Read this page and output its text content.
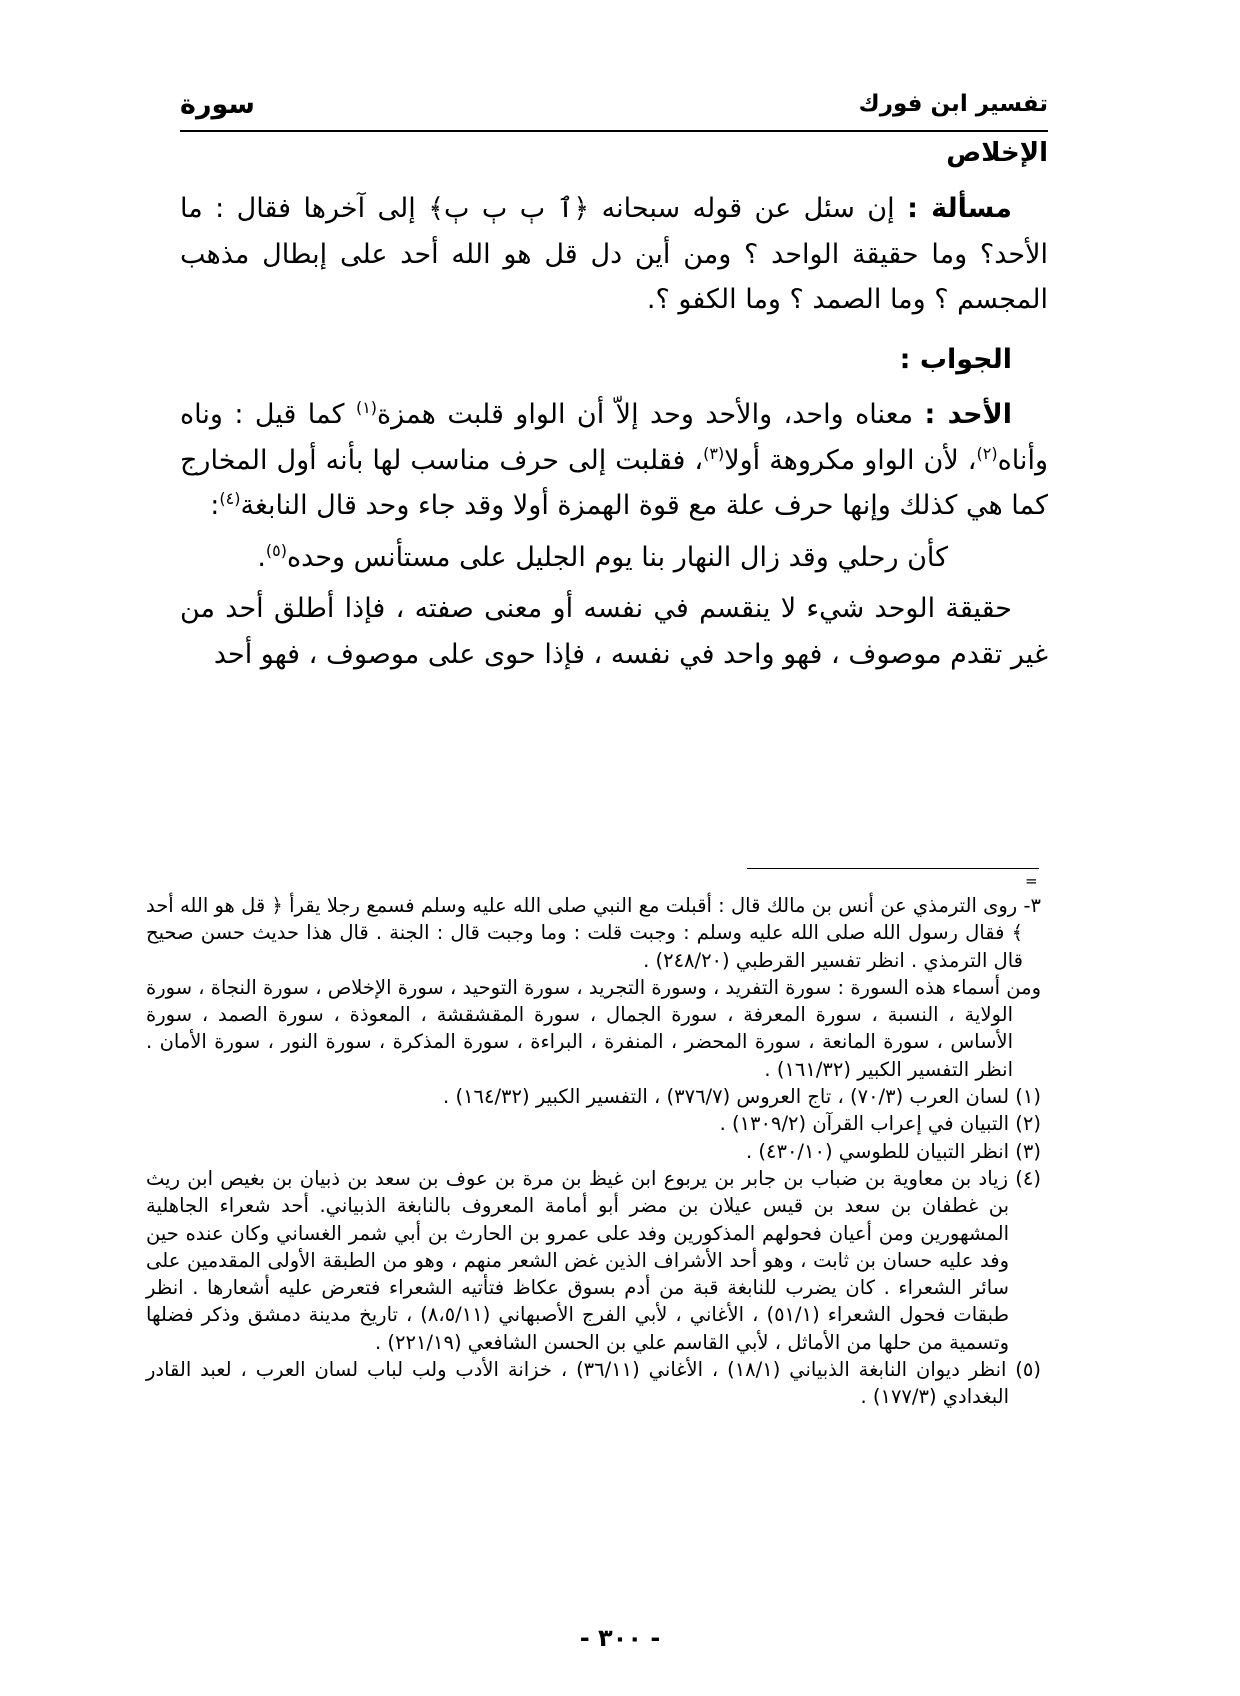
تفسير ابن فورك
سورة
الإخلاص

مسألة : إن سئل عن قوله سبحانه ﴿ٱ ٻ ٻ ٻ﴾ إلى آخرها فقال : ما الأحد؟ وما حقيقة الواحد ؟ ومن أين دل قل هو الله أحد على إبطال مذهب المجسم ؟ وما الصمد ؟ وما الكفو ؟.

الجواب :

الأحد : معناه واحد، والأحد وحد إلاّ أن الواو قلبت همزة$^{(١)}$ كما قيل : وناه وأناه$^{(٢)}$، لأن الواو مكروهة أولا$^{(٣)}$، فقلبت إلى حرف مناسب لها بأنه أول المخارج كما هي كذلك وإنها حرف علة مع قوة الهمزة أولا وقد جاء وحد قال النابغة$^{(٤)}$:

كأن رحلي وقد زال النهار بنا يوم الجليل على مستأنس وحده$^{(٥)}$.

حقيقة الوحد شيء لا ينقسم في نفسه أو معنى صفته ، فإذا أطلق أحد من غير تقدم موصوف ، فهو واحد في نفسه ، فإذا حوى على موصوف ، فهو أحد

=

٣- روى الترمذي عن أنس بن مالك قال : أقبلت مع النبي صلى الله عليه وسلم فسمع رجلا يقرأ ﴿ قل هو الله أحد ﴾ فقال رسول الله صلى الله عليه وسلم : وجبت قلت : وما وجبت قال : الجنة . قال هذا حديث حسن صحيح قال الترمذي . انظر تفسير القرطبي (٢٤٨/٢٠) .

ومن أسماء هذه السورة : سورة التفريد ، وسورة التجريد ، سورة التوحيد ، سورة الإخلاص ، سورة النجاة ، سورة الولاية ، النسبة ، سورة المعرفة ، سورة الجمال ، سورة المقشقشة ، المعوذة ، سورة الصمد ، سورة الأساس ، سورة المانعة ، سورة المحضر ، المنفرة ، البراءة ، سورة المذكرة ، سورة النور ، سورة الأمان . انظر التفسير الكبير (١٦١/٣٢) .

(١) لسان العرب (٧٠/٣) ، تاج العروس (٣٧٦/٧) ، التفسير الكبير (١٦٤/٣٢) .

(٢) التبيان في إعراب القرآن (١٣٠٩/٢) .

(٣) انظر التبيان للطوسي (٤٣٠/١٠) .

(٤) زياد بن معاوية بن ضباب بن جابر بن يربوع ابن غيظ بن مرة بن عوف بن سعد بن ذبيان بن بغيص ابن ريث بن غطفان بن سعد بن قيس عيلان بن مضر أبو أمامة المعروف بالنابغة الذبياني. أحد شعراء الجاهلية المشهورين ومن أعيان فحولهم المذكورين وفد على عمرو بن الحارث بن أبي شمر الغساني وكان عنده حين وفد عليه حسان بن ثابت ، وهو أحد الأشراف الذين غض الشعر منهم ، وهو من الطبقة الأولى المقدمين على سائر الشعراء . كان يضرب للنابغة قبة من أدم بسوق عكاظ فتأتيه الشعراء فتعرض عليه أشعارها . انظر طبقات فحول الشعراء (٥١/١) ، الأغاني ، لأبي الفرج الأصبهاني (٨،٥/١١) ، تاريخ مدينة دمشق وذكر فضلها وتسمية من حلها من الأماثل ، لأبي القاسم علي بن الحسن الشافعي (٢٢١/١٩) .

(٥) انظر ديوان النابغة الذبياني (١٨/١) ، الأغاني (٣٦/١١) ، خزانة الأدب ولب لباب لسان العرب ، لعبد القادر البغدادي (١٧٧/٣) .

- ٣٠٠ -
